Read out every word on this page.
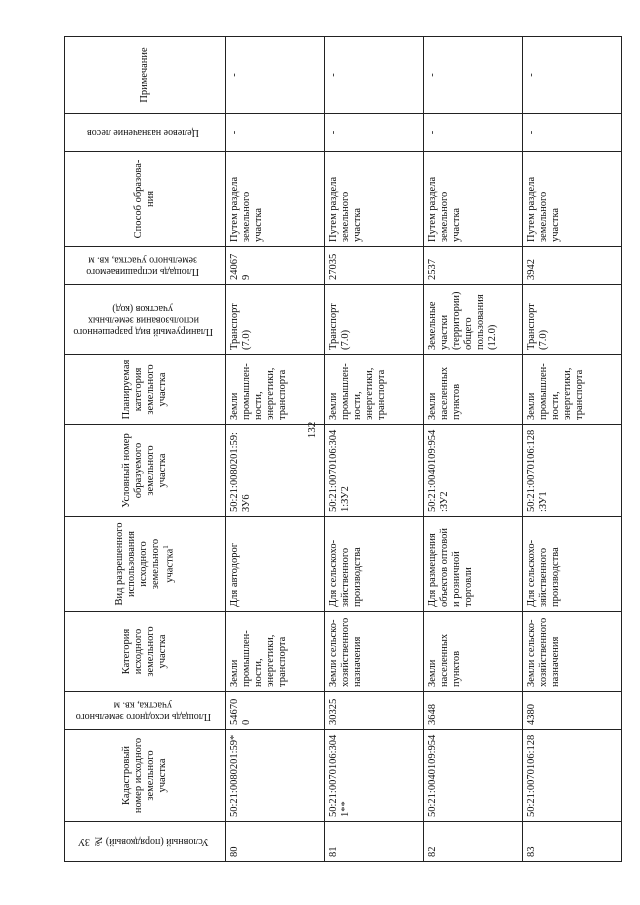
132
Условный (порядковый) № ЗУ	Кадастровый номер исходного земельного участка	Площадь исходного земельного участка, кв. м	Категория исходного земельного участка	Вид разрешенного использования исходного земельного участка$^1$	Условный номер образуемого земельного участка	Планируемая категория земельного участка	Планируемый вид разрешенного использования земельных участков (код)	Площадь испрашиваемого земельного участка, кв. м	Способ образования	Целевое назначение лесов	Примечание
80	50:21:0080201:59*	546700	Земли промышленности, энергетики, транспорта	Для автодорог	50:21:0080201:59:ЗУ6	Земли промышленности, энергетики, транспорта	Транспорт (7.0)	240679	Путем раздела земельного участка	-	-
81	50:21:0070106:3041**	30325	Земли сельскохозяйственного назначения	Для сельскохозяйственного производства	50:21:0070106:3041:ЗУ2	Земли промышленности, энергетики, транспорта	Транспорт (7.0)	27035	Путем раздела земельного участка	-	-
82	50:21:0040109:954	3648	Земли населенных пунктов	Для размещения объектов оптовой и розничной торговли	50:21:0040109:954:ЗУ2	Земли населенных пунктов	Земельные участки (территории) общего пользования (12.0)	2537	Путем раздела земельного участка	-	-
83	50:21:0070106:128	4380	Земли сельскохозяйственного назначения	Для сельскохозяйственного производства	50:21:0070106:128:ЗУ1	Земли промышленности, энергетики, транспорта	Транспорт (7.0)	3942	Путем раздела земельного участка	-	-
